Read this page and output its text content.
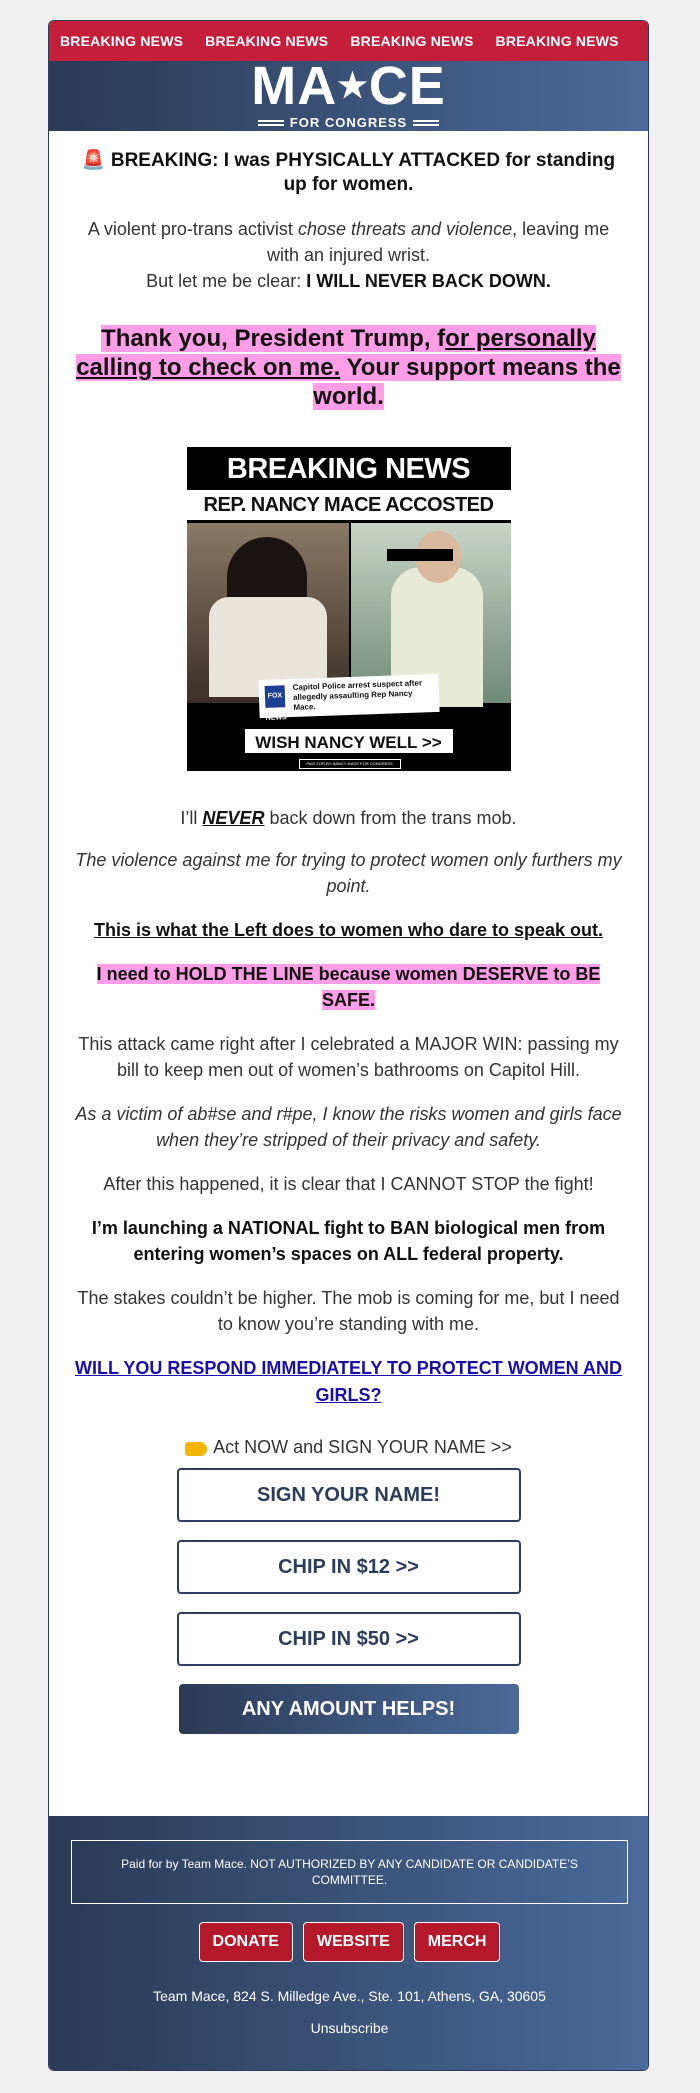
BREAKING NEWS	BREAKING NEWS	BREAKING NEWS	BREAKING NEWS
MA★CE
FOR CONGRESS

🚨 BREAKING: I was PHYSICALLY ATTACKED for standing up for women.

A violent pro-trans activist chose threats and violence, leaving me with an injured wrist.
But let me be clear: I WILL NEVER BACK DOWN.

Thank you, President Trump, for personally calling to check on me. Your support means the world.

BREAKING NEWS
REP. NANCY MACE ACCOSTED
FOX NEWS
Capitol Police arrest suspect after allegedly assaulting Rep Nancy Mace.
WISH NANCY WELL >>
PAID FOR BY NANCY MACE FOR CONGRESS

I’ll NEVER back down from the trans mob.

The violence against me for trying to protect women only furthers my point.

This is what the Left does to women who dare to speak out.

I need to HOLD THE LINE because women DESERVE to BE SAFE.

This attack came right after I celebrated a MAJOR WIN: passing my bill to keep men out of women’s bathrooms on Capitol Hill.

As a victim of ab#se and r#pe, I know the risks women and girls face when they’re stripped of their privacy and safety.

After this happened, it is clear that I CANNOT STOP the fight!

I’m launching a NATIONAL fight to BAN biological men from entering women’s spaces on ALL federal property.

The stakes couldn’t be higher. The mob is coming for me, but I need to know you’re standing with me.

WILL YOU RESPOND IMMEDIATELY TO PROTECT WOMEN AND GIRLS?

Act NOW and SIGN YOUR NAME >>
SIGN YOUR NAME!
CHIP IN $12 >>
CHIP IN $50 >>
ANY AMOUNT HELPS!
Paid for by Team Mace. NOT AUTHORIZED BY ANY CANDIDATE OR CANDIDATE’S COMMITTEE.
DONATE	WEBSITE	MERCH
Team Mace, 824 S. Milledge Ave., Ste. 101, Athens, GA, 30605
Unsubscribe
